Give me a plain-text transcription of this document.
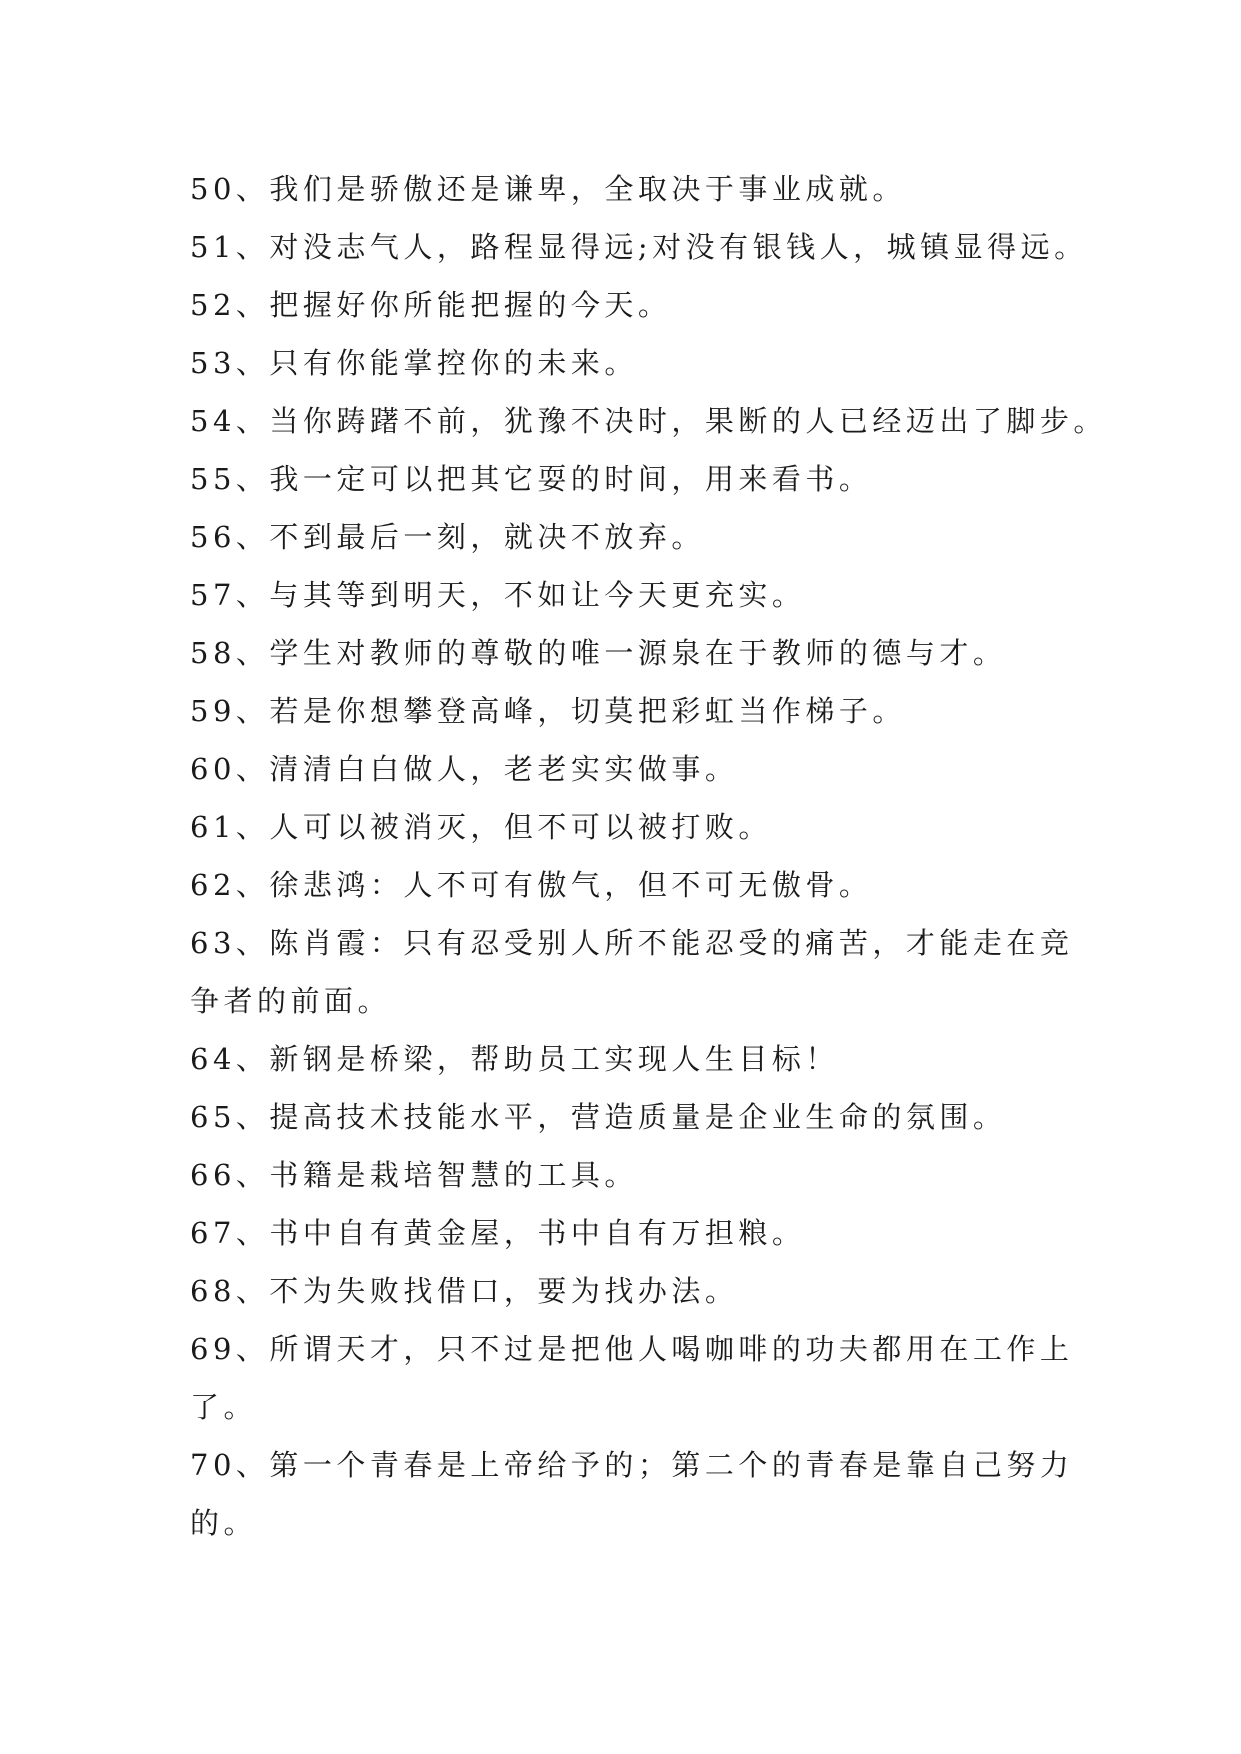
50、我们是骄傲还是谦卑，全取决于事业成就。

51、对没志气人，路程显得远;对没有银钱人，城镇显得远。

52、把握好你所能把握的今天。

53、只有你能掌控你的未来。

54、当你踌躇不前，犹豫不决时，果断的人已经迈出了脚步。

55、我一定可以把其它耍的时间，用来看书。

56、不到最后一刻，就决不放弃。

57、与其等到明天，不如让今天更充实。

58、学生对教师的尊敬的唯一源泉在于教师的德与才。

59、若是你想攀登高峰，切莫把彩虹当作梯子。

60、清清白白做人，老老实实做事。

61、人可以被消灭，但不可以被打败。

62、徐悲鸿：人不可有傲气，但不可无傲骨。

63、陈肖霞：只有忍受别人所不能忍受的痛苦，才能走在竞

争者的前面。

64、新钢是桥梁，帮助员工实现人生目标！

65、提高技术技能水平，营造质量是企业生命的氛围。

66、书籍是栽培智慧的工具。

67、书中自有黄金屋，书中自有万担粮。

68、不为失败找借口，要为找办法。

69、所谓天才，只不过是把他人喝咖啡的功夫都用在工作上

了。

70、第一个青春是上帝给予的；第二个的青春是靠自己努力

的。
